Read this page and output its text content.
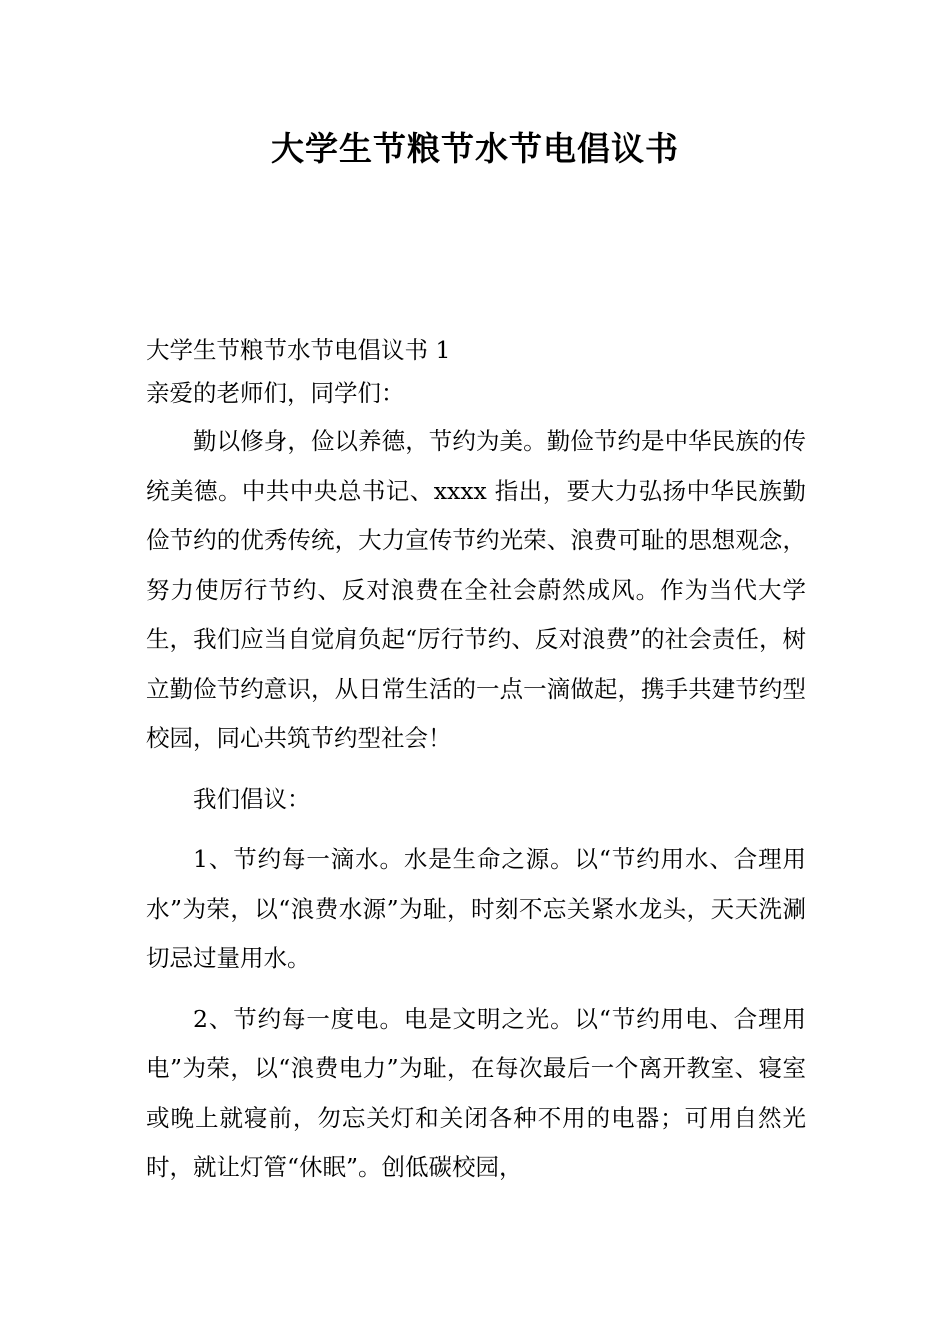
大学生节粮节水节电倡议书

大学生节粮节水节电倡议书 1

亲爱的老师们，同学们：

勤以修身，俭以养德，节约为美。勤俭节约是中华民族的传统美德。中共中央总书记、xxxx 指出，要大力弘扬中华民族勤俭节约的优秀传统，大力宣传节约光荣、浪费可耻的思想观念，努力使厉行节约、反对浪费在全社会蔚然成风。作为当代大学生，我们应当自觉肩负起“厉行节约、反对浪费”的社会责任，树立勤俭节约意识，从日常生活的一点一滴做起，携手共建节约型校园，同心共筑节约型社会！

我们倡议：

1、节约每一滴水。水是生命之源。以“节约用水、合理用水”为荣，以“浪费水源”为耻，时刻不忘关紧水龙头，天天洗涮切忌过量用水。

2、节约每一度电。电是文明之光。以“节约用电、合理用电”为荣，以“浪费电力”为耻，在每次最后一个离开教室、寝室或晚上就寝前，勿忘关灯和关闭各种不用的电器；可用自然光时，就让灯管“休眠”。创低碳校园，
